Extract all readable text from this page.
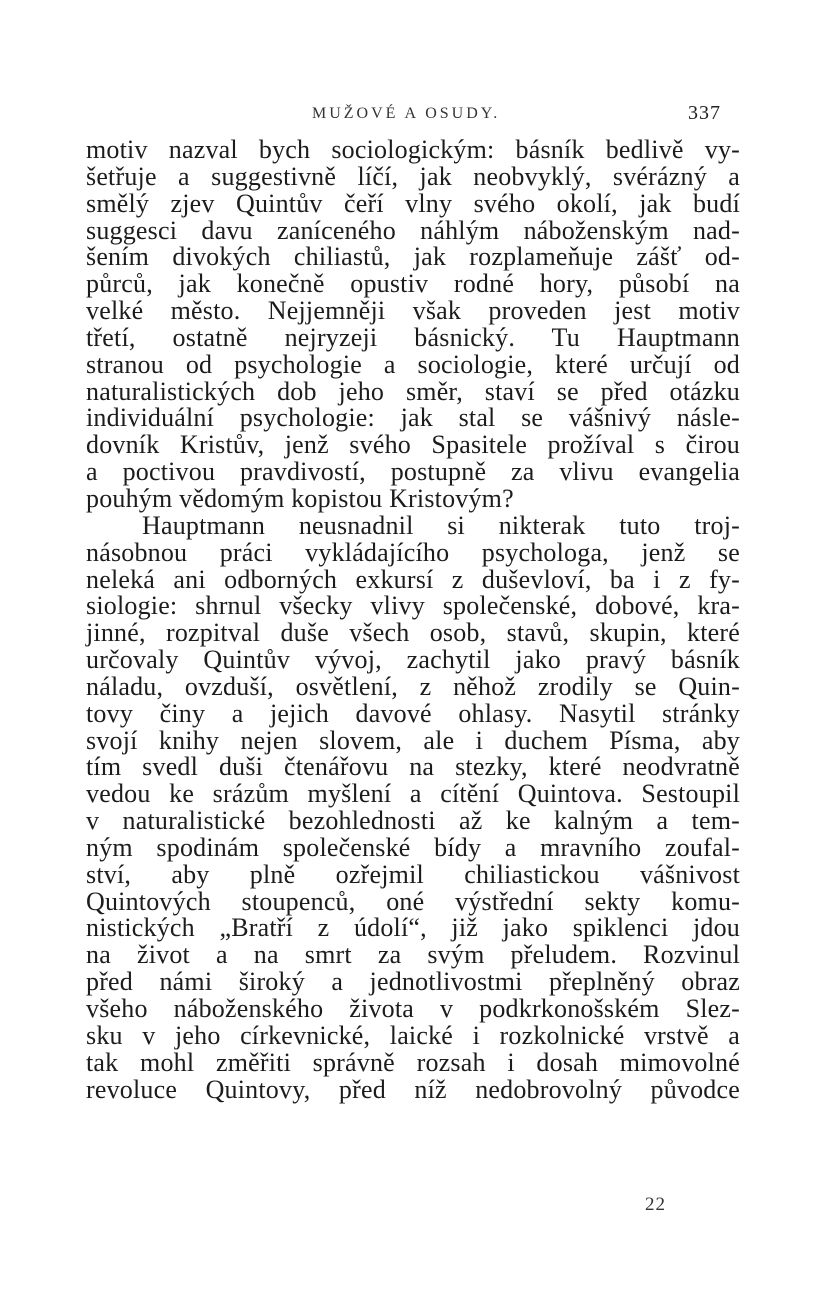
MUŽOVÉ A OSUDY.	337
motiv nazval bych sociologickým: básník bedlivě vy-
šetřuje a suggestivně líčí, jak neobvyklý, svérázný a
smělý zjev Quintův čeří vlny svého okolí, jak budí
suggesci davu zaníceného náhlým náboženským nad-
šením divokých chiliastů, jak rozplameňuje zášť od-
půrců, jak konečně opustiv rodné hory, působí na
velké město. Nejjemněji však proveden jest motiv
třetí, ostatně nejryzeji básnický. Tu Hauptmann
stranou od psychologie a sociologie, které určují od
naturalistických dob jeho směr, staví se před otázku
individuální psychologie: jak stal se vášnivý násle-
dovník Kristův, jenž svého Spasitele prožíval s čirou
a poctivou pravdivostí, postupně za vlivu evangelia
pouhým vědomým kopistou Kristovým?
Hauptmann neusnadnil si nikterak tuto troj-
násobnou práci vykládajícího psychologa, jenž se
neleká ani odborných exkursí z duševloví, ba i z fy-
siologie: shrnul všecky vlivy společenské, dobové, kra-
jinné, rozpitval duše všech osob, stavů, skupin, které
určovaly Quintův vývoj, zachytil jako pravý básník
náladu, ovzduší, osvětlení, z něhož zrodily se Quin-
tovy činy a jejich davové ohlasy. Nasytil stránky
svojí knihy nejen slovem, ale i duchem Písma, aby
tím svedl duši čtenářovu na stezky, které neodvratně
vedou ke srázům myšlení a cítění Quintova. Sestoupil
v naturalistické bezohlednosti až ke kalným a tem-
ným spodinám společenské bídy a mravního zoufal-
ství, aby plně ozřejmil chiliastickou vášnivost
Quintových stoupenců, oné výstřední sekty komu-
nistických „Bratří z údolí“, již jako spiklenci jdou
na život a na smrt za svým přeludem. Rozvinul
před námi široký a jednotlivostmi přeplněný obraz
všeho náboženského života v podkrkonošském Slez-
sku v jeho církevnické, laické i rozkolnické vrstvě a
tak mohl změřiti správně rozsah i dosah mimovolné
revoluce Quintovy, před níž nedobrovolný původce
22
